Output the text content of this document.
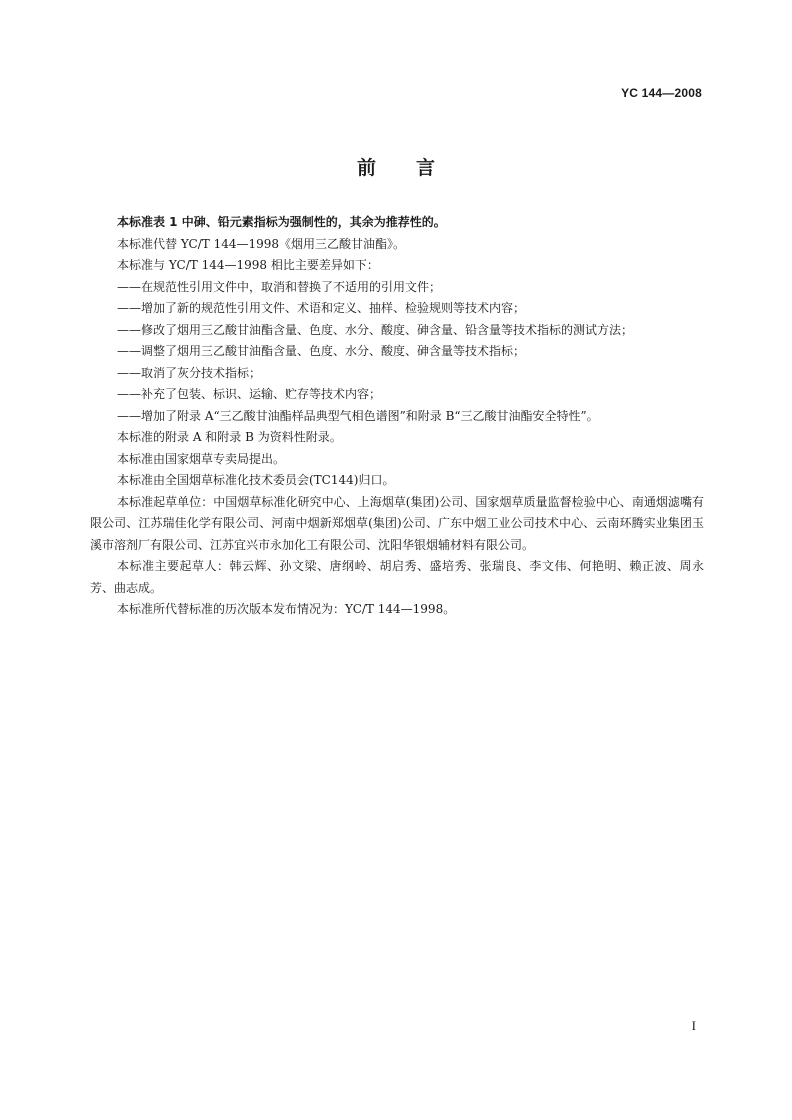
YC 144—2008
前 言

本标准表 1 中砷、铅元素指标为强制性的，其余为推荐性的。

本标准代替 YC/T 144—1998《烟用三乙酸甘油酯》。

本标准与 YC/T 144—1998 相比主要差异如下：

——在规范性引用文件中，取消和替换了不适用的引用文件；

——增加了新的规范性引用文件、术语和定义、抽样、检验规则等技术内容；

——修改了烟用三乙酸甘油酯含量、色度、水分、酸度、砷含量、铅含量等技术指标的测试方法；

——调整了烟用三乙酸甘油酯含量、色度、水分、酸度、砷含量等技术指标；

——取消了灰分技术指标；

——补充了包装、标识、运输、贮存等技术内容；

——增加了附录 A“三乙酸甘油酯样品典型气相色谱图”和附录 B“三乙酸甘油酯安全特性”。

本标准的附录 A 和附录 B 为资料性附录。

本标准由国家烟草专卖局提出。

本标准由全国烟草标准化技术委员会(TC144)归口。

本标准起草单位：中国烟草标准化研究中心、上海烟草(集团)公司、国家烟草质量监督检验中心、南通烟滤嘴有限公司、江苏瑞佳化学有限公司、河南中烟新郑烟草(集团)公司、广东中烟工业公司技术中心、云南环腾实业集团玉溪市溶剂厂有限公司、江苏宜兴市永加化工有限公司、沈阳华银烟辅材料有限公司。

本标准主要起草人：韩云辉、孙文梁、唐纲岭、胡启秀、盛培秀、张瑞良、李文伟、何艳明、赖正波、周永芳、曲志成。

本标准所代替标准的历次版本发布情况为：YC/T 144—1998。

I
